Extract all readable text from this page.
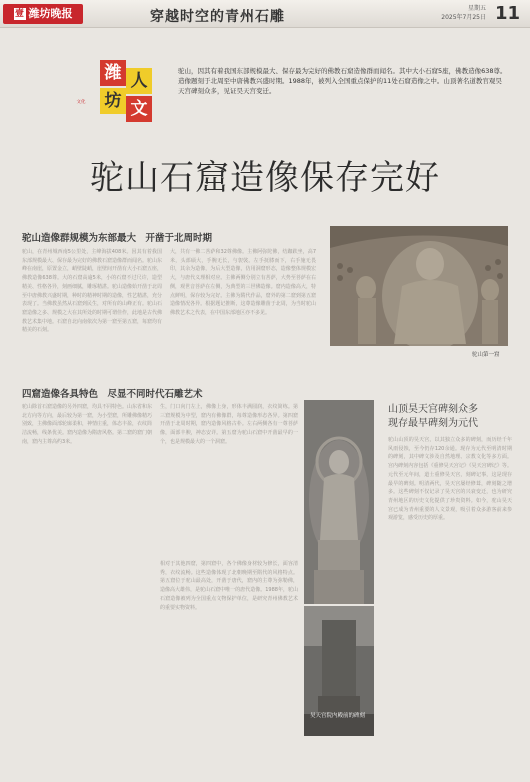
壹 潍坊晚报	穿越时空的青州石雕
星期五
2025年7月25日 11
潍 人
坊 文
文化
驼山，因其有着我国东部规模最大、保存最为完好的佛教石窟造像群而闻名。其中大小石窟5座，佛教造像638尊。造像题刻于北周至中唐佛教兴盛时期。1988年，被列入全国重点保护的11处石窟造像之中。山顶著名道教官观昊天宫碑刻众多，见证昊天宫变迁。
驼山石窟造像保存完好
驼山造像群规模为东部最大　开凿于北周时期
驼山，在青州城西南5公里处，主峰海拔408米。因其有着我国东部规模最大、保存最为完好的佛教石窟造像群而闻名。驼山东峰在南崖，原置金立，峭壁陡峭，崖壁间开凿有大小石窟五座，佛教造像638尊。大的石窟高逾5米，小的石窟不过尺许，造型精美、性格各异，刻画细腻，雕琢精湛。驼山造像始开凿于北周至中唐佛教兴盛时期，种时的精神时期的造像，性艺精湛，充分表现了。当佛教虽然从石窟到民生，对所有的山峰正有。驼山石窟造像之多、规模之大在其所处的时期可谓佳作，此地是古代佛教艺术集中地。石窟自北向南依次为第一窟至第五窟，每窟均有精美的石刻。
大，共有一佛二菩萨和32尊佛像。主佛阿弥陀佛，结跏趺坐，高7米，头部硕大，手腕无长，与袈裟。左手抚膝而下，右手施无畏印，其余为造像，为后大型造像，仿用洞窟形态，造像整体规模宏大，与唐代义理相对应。主佛两侧分别立有菩萨，大势至菩萨在右侧，观世音菩萨在左侧，为典型的三世佛造像。窟内造像高大，特点鲜明，保存较为完好。主佛为隋代作品，窟外的第二窟到第五窟造像情况各异。根据题记推断，这尊造像雕凿于北周，为当时驼山佛教艺术之代表，在中国东部地区亦不多见。
驼山第一窟
四窟造像各具特色　尽显不同时代石雕艺术
驼山除首石窟造像的另外四窟，均具不同特色。山东省和东北方向等方向，最后较为第一窟，为小型窟，所雕佛像精巧别致，主佛像面部轮廓柔和，神情庄重，体态丰盈，衣纹简洁流畅，线条优美。窟内造像为隋唐风格。第二窟的窟门朝南，窟内主尊高约3米。
生，门口向门左上，佛像上身，形体丰满圆润，衣纹简练。第三窟规模为中型，窟内有佛像群，每尊造像形态各异。第四窟开凿于北周时期，窟内造像风格古朴。左右两侧各有一尊菩萨像，面部丰腴，神态安详。第五窟为驼山石窟中开凿最早的一个，也是规模最大的一个洞窟。
相对于其他四窟，第四窟中，各个佛像身材较为修长，面容清秀，衣纹流畅。这些造像体现了北朝晚期至隋代的风格特点。第五窟位于驼山最高处，开凿于唐代，窟内的主尊为弥勒佛，造像高大雄伟，是驼山石窟中唯一的唐代造像。1988年，驼山石窟造像被列为全国重点文物保护单位，是研究青州佛教艺术的重要实物资料。
昊天宫院内殿前的碑刻
山顶昊天宫碑刻众多
现存最早碑刻为元代
驼山山顶的昊天宫，以其独立众多的碑刻，而历经千年风雨侵蚀，至今仍存120余通。现存为元代至明清时期的碑刻，其中碑文涉及自然地理、宗教文化等多方面。宫内碑刻内容包括《重修昊天宫记》《昊天宫碑记》等。元代至元年间，道士重修昊天宫，刻碑记事，这是现存最早的碑刻。明清两代，昊天宫屡经修葺，碑刻随之增多。这些碑刻不仅记录了昊天宫的兴衰变迁，也为研究青州地区的历史文化提供了珍贵资料。如今，驼山昊天宫已成为青州重要的人文景观，吸引着众多游客前来参观游览，感受历史的厚重。
